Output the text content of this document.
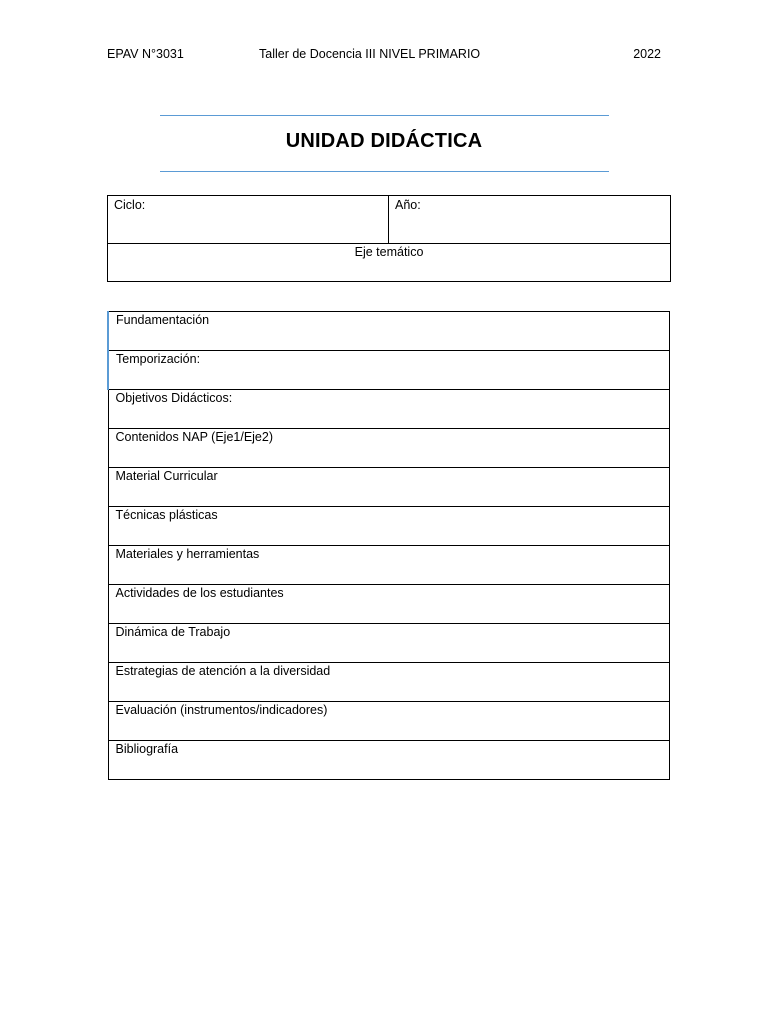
EPAV N°3031	Taller de Docencia III NIVEL PRIMARIO	2022
UNIDAD DIDÁCTICA
Ciclo:	Año:

Eje temático
Fundamentación

Temporización:

Objetivos Didácticos:

Contenidos NAP (Eje1/Eje2)

Material Curricular

Técnicas plásticas

Materiales y herramientas

Actividades de los estudiantes

Dinámica de Trabajo

Estrategias de atención a la diversidad

Evaluación (instrumentos/indicadores)

Bibliografía
